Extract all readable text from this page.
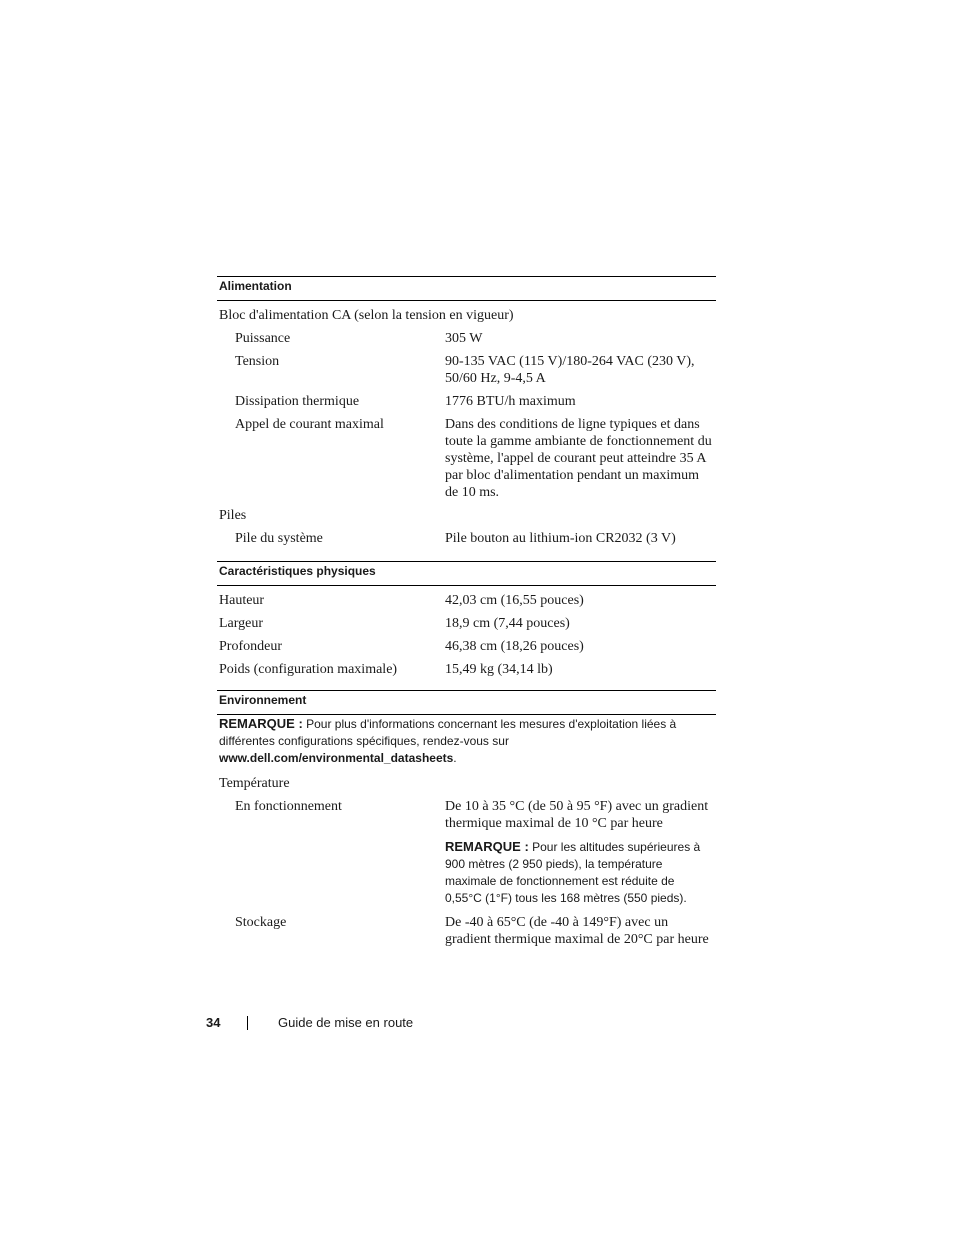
Alimentation
Bloc d'alimentation CA (selon la tension en vigueur)
Puissance	305 W
Tension	90-135 VAC (115 V)/180-264 VAC (230 V), 50/60 Hz, 9-4,5 A
Dissipation thermique	1776 BTU/h maximum
Appel de courant maximal	Dans des conditions de ligne typiques et dans toute la gamme ambiante de fonctionnement du système, l'appel de courant peut atteindre 35 A par bloc d'alimentation pendant un maximum de 10 ms.
Piles
Pile du système	Pile bouton au lithium-ion CR2032 (3 V)
Caractéristiques physiques
Hauteur	42,03 cm (16,55 pouces)
Largeur	18,9 cm (7,44 pouces)
Profondeur	46,38 cm (18,26 pouces)
Poids (configuration maximale)	15,49 kg (34,14 lb)
Environnement
REMARQUE : Pour plus d'informations concernant les mesures d'exploitation liées à différentes configurations spécifiques, rendez-vous sur
www.dell.com/environmental_datasheets.
Température
En fonctionnement	De 10 à 35 °C (de 50 à 95 °F) avec un gradient thermique maximal de 10 °C par heure
REMARQUE : Pour les altitudes supérieures à 900 mètres (2 950 pieds), la température maximale de fonctionnement est réduite de 0,55°C (1°F) tous les 168 mètres (550 pieds).
Stockage	De -40 à 65°C (de -40 à 149°F) avec un gradient thermique maximal de 20°C par heure
34	Guide de mise en route
